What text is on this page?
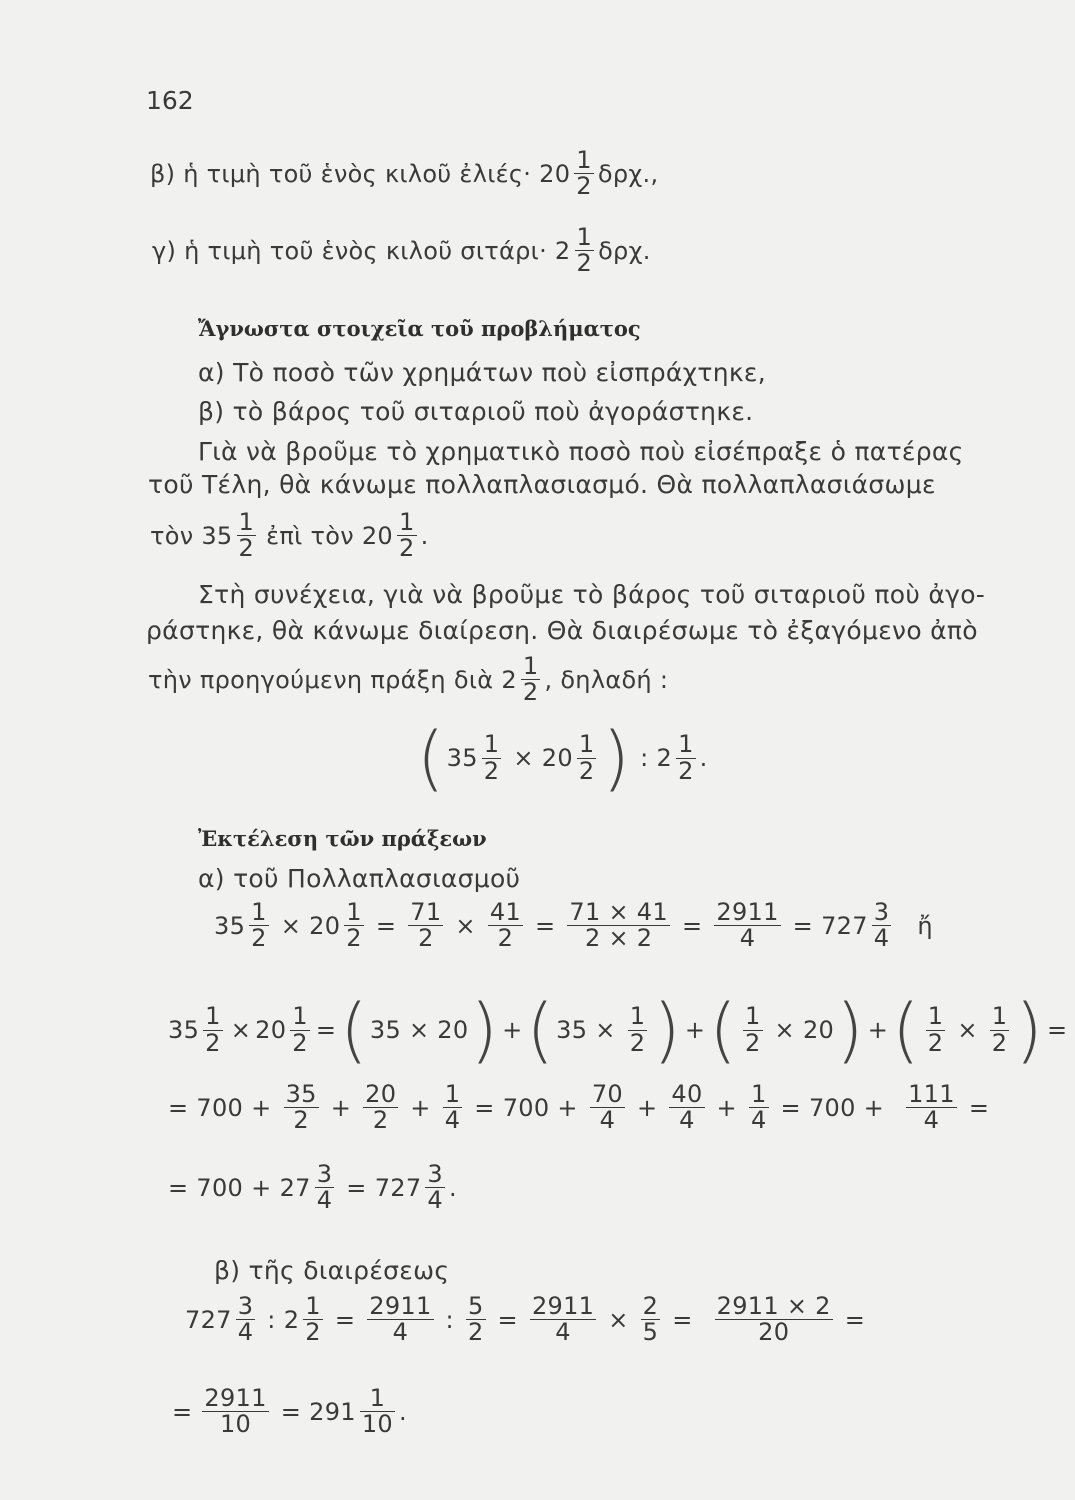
162
β) ἡ τιμὴ τοῦ ἑνὸς κιλοῦ ἐλιές· $20 \frac{1}{2} \delta\rho\chi$.,
γ) ἡ τιμὴ τοῦ ἑνὸς κιλοῦ $\sigma\iota\tau ά\rho\iota\cdot 2 \frac{1}{2} \delta\rho\chi$.
Ἄγνωστα στοιχεῖα τοῦ προβλήματος
α) Τὸ ποσὸ τῶν χρημάτων ποὺ εἰσπράχτηκε,
β) τὸ βάρος τοῦ σιταριοῦ ποὺ ἀγοράστηκε.
Γιὰ νὰ βροῦμε τὸ χρηματικὸ ποσὸ ποὺ εἰσέπραξε ὁ πατέρας
τοῦ Τέλη, θὰ κάνωμε πολλαπλασιασμό. Θὰ πολλαπλασιάσωμε
τὸν $35 \frac{1}{2}$ ἐπὶ τὸν $20 \frac{1}{2}$ .
Στὴ συνέχεια, γιὰ νὰ βροῦμε τὸ βάρος τοῦ σιταριοῦ ποὺ ἀγο-
ράστηκε, θὰ κάνωμε διαίρεση. Θὰ διαιρέσωμε τὸ ἐξαγόμενο ἀπὸ
τὴν προηγούμενη πράξη διὰ $2 \frac{1}{2}$ , δηλαδή :
( $35 \frac{1}{2} \times 20 \frac{1}{2}$ ) : $2 \frac{1}{2}$ .
Ἐκτέλεση τῶν πράξεων
α) τοῦ Πολλαπλασιασμοῦ
$35 \frac{1}{2} \times 20 \frac{1}{2} = \frac{71}{2} \times \frac{41}{2} = \frac{71 \times 41}{2 \times 2} = \frac{2911}{4} = 727 \frac{3}{4}$ ἤ
$35 \frac{1}{2} \times 20 \frac{1}{2}$ = ( 35 × 20 ) + ( $35 \times \frac{1}{2}$ ) + ( $\frac{1}{2} \times 20$ ) + ( $\frac{1}{2} \times \frac{1}{2}$ ) =
= $700 + \frac{35}{2} + \frac{20}{2} + \frac{1}{4} = 700 + \frac{70}{4} + \frac{40}{4} + \frac{1}{4} = 700 + \frac{111}{4}$ =
= $700 + 27 \frac{3}{4} = 727 \frac{3}{4}$ .
β) τῆς διαιρέσεως
$727 \frac{3}{4}$ : $2 \frac{1}{2} = \frac{2911}{4}$ : $\frac{5}{2} = \frac{2911}{4} \times \frac{2}{5} = \frac{2911 \times 2}{20}$ =
= $\frac{2911}{10} = 291 \frac{1}{10}$ .
